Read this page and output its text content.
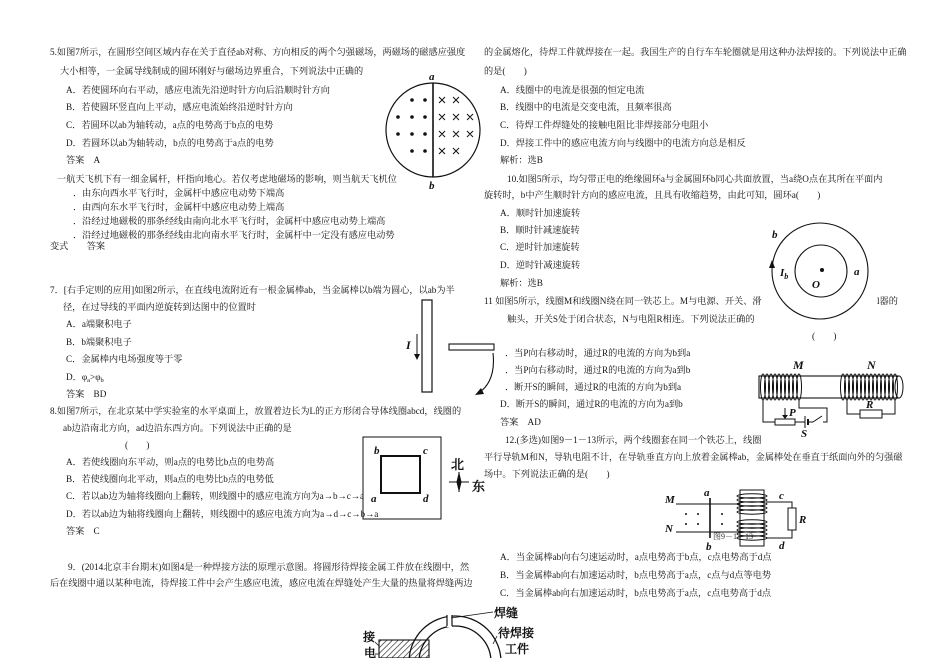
5.如图7所示，在圆形空间区域内存在关于直径ab对称、方向相反的两个匀强磁场，两磁场的磁感应强度
大小相等，一金属导线制成的圆环刚好与磁场边界重合，下列说法中正确的
A．若使圆环向右平动，感应电流先沿逆时针方向后沿顺时针方向
B．若使圆环竖直向上平动，感应电流始终沿逆时针方向
C．若圆环以ab为轴转动，a点的电势高于b点的电势
D．若圆环以ab为轴转动，b点的电势高于a点的电势
答案　A
a
b
一航天飞机下有一细金属杆，杆指向地心。若仅考虑地磁场的影响，则当航天飞机位
．由东向西水平飞行时，金属杆中感应电动势下端高
．由西向东水平飞行时，金属杆中感应电动势上端高
．沿经过地磁极的那条经线由南向北水平飞行时，金属杆中感应电动势上端高
．沿经过地磁极的那条经线由北向南水平飞行时，金属杆中一定没有感应电动势
变式　　答案
7．[右手定则的应用]如图2所示，在直线电流附近有一根金属棒ab，当金属棒以b端为圆心，以ab为半
径，在过导线的平面内逆旋转到达图中的位置时
A．a端聚积电子
B．b端聚积电子
C．金属棒内电场强度等于零
D．$\varphi_a>\varphi_b$
答案　BD
I
8.如图7所示，在北京某中学实验室的水平桌面上，放置着边长为L的正方形闭合导体线圈abcd，线圈的
ab边沿南北方向，ad边沿东西方向。下列说法中正确的是
(　　)
A．若使线圈向东平动，则a点的电势比b点的电势高
B．若使线圈向北平动，则a点的电势比b点的电势低
C．若以ab边为轴将线圈向上翻转，则线圈中的感应电流方向为a→b→c→a
D．若以ab边为轴将线圈向上翻转，则线圈中的感应电流方向为a→d→c→b→a
答案　C
b	c
a	d
北
东
9．(2014北京丰台期末)如图4是一种焊接方法的原理示意图。将圆形待焊接金属工件放在线圈中，然
后在线圈中通以某种电流，待焊接工件中会产生感应电流，感应电流在焊缝处产生大量的热量将焊缝两边
的金属熔化，待焊工件就焊接在一起。我国生产的自行车车轮圈就是用这种办法焊接的。下列说法中正确
的是(　　)
A．线圈中的电流是很强的恒定电流
B．线圈中的电流是交变电流，且频率很高
C．待焊工件焊缝处的接触电阻比非焊接部分电阻小
D．焊接工件中的感应电流方向与线圈中的电流方向总是相反
解析：选B
10.如图5所示，均匀带正电的绝缘圆环a与金属圆环b同心共面放置，当a绕O点在其所在平面内
旋转时，b中产生顺时针方向的感应电流，且具有收缩趋势，由此可知，圆环a(　　)
A．顺时针加速旋转
B．顺时针减速旋转
C．逆时针加速旋转
D．逆时针减速旋转
解析：选B
b
a
O
$I_b$
11 如图5所示，线圈M和线圈N绕在同一铁芯上。M与电源、开关、滑	l器的
触头，开关S处于闭合状态，N与电阻R相连。下列说法正确的
(　　)
．当P向右移动时，通过R的电流的方向为b到a
．当P向右移动时，通过R的电流的方向为a到b
．断开S的瞬间，通过R的电流的方向为b到a
D．断开S的瞬间，通过R的电流的方向为a到b
答案　AD
M	N
P
S
R
12.(多选)如图9－1－13所示，两个线圈套在同一个铁芯上，线圈
平行导轨M和N，导轨电阻不计，在导轨垂直方向上放着金属棒ab，金属棒处在垂直于纸面向外的匀强磁
场中。下列说法正确的是(　　)
M
N
a
b
c
d
R
图9－1－13
A．当金属棒ab向右匀速运动时，a点电势高于b点，c点电势高于d点
B．当金属棒ab向右加速运动时，b点电势高于a点，c点与d点等电势
C．当金属棒ab向右加速运动时，b点电势高于a点，c点电势高于d点
焊缝
待焊接
工件
接
电
